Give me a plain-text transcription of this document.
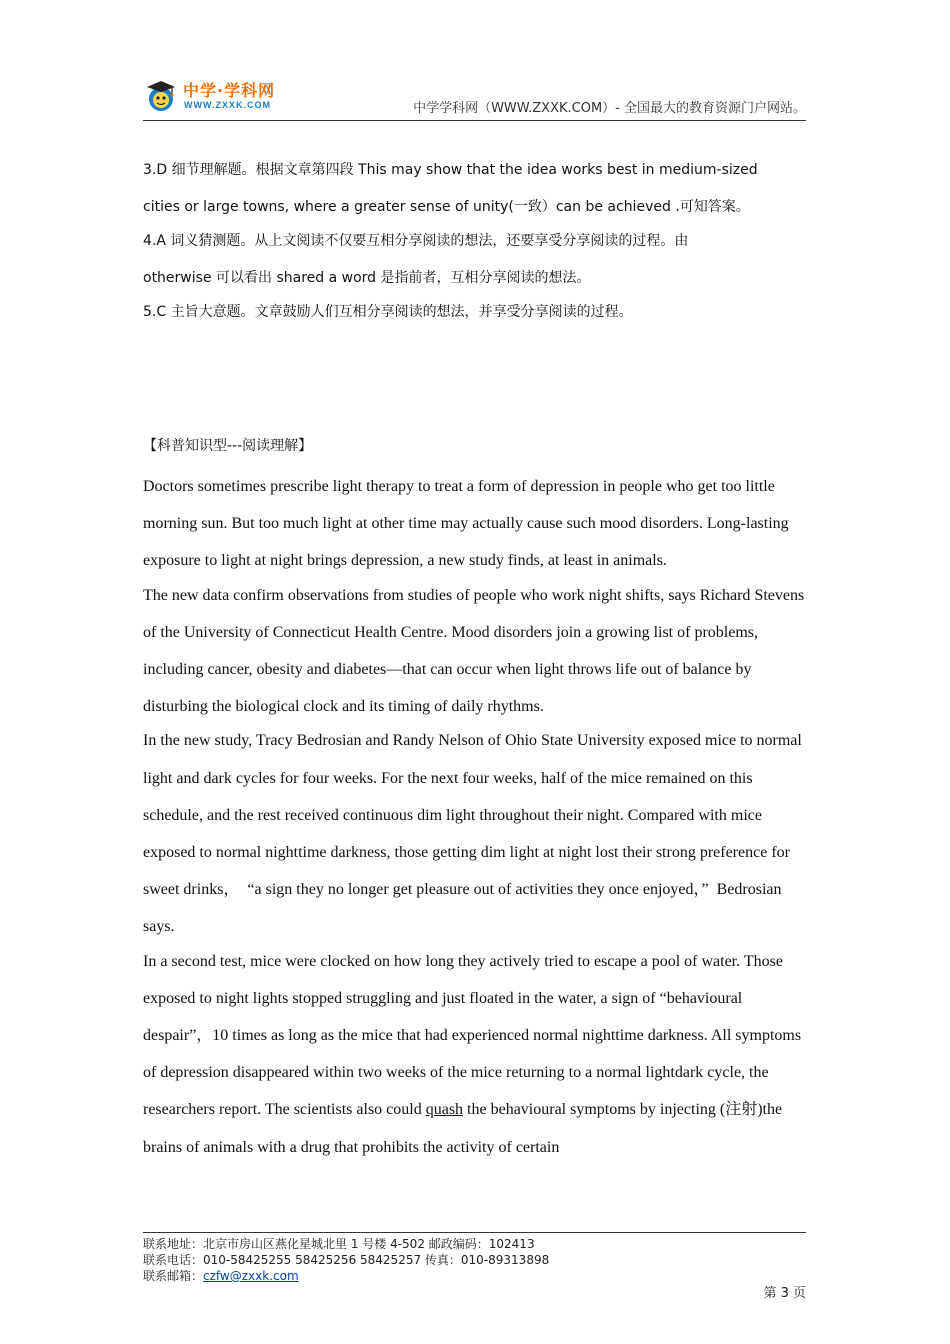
中学·学科网
WWW.ZXXK.COM	中学学科网（WWW.ZXXK.COM）- 全国最大的教育资源门户网站。

3.D 细节理解题。根据文章第四段 This may show that the idea works best in medium-sized

cities or large towns, where a greater sense of unity(一致）can be achieved .可知答案。

4.A 词义猜测题。从上文阅读不仅要互相分享阅读的想法，还要享受分享阅读的过程。由

otherwise 可以看出 shared a word 是指前者，互相分享阅读的想法。

5.C 主旨大意题。文章鼓励人们互相分享阅读的想法，并享受分享阅读的过程。

【科普知识型---阅读理解】

Doctors sometimes prescribe light therapy to treat a form of depression in people who get too little morning sun. But too much light at other time may actually cause such mood disorders. Long-lasting exposure to light at night brings depression, a new study finds, at least in animals.

The new data confirm observations from studies of people who work night shifts, says Richard Stevens of the University of Connecticut Health Centre. Mood disorders join a growing list of problems, including cancer, obesity and diabetes—that can occur when light throws life out of balance by disturbing the biological clock and its timing of daily rhythms.

In the new study, Tracy Bedrosian and Randy Nelson of Ohio State University exposed mice to normal light and dark cycles for four weeks. For the next four weeks, half of the mice remained on this schedule, and the rest received continuous dim light throughout their night. Compared with mice exposed to normal nighttime darkness, those getting dim light at night lost their strong preference for sweet drinks，  “a sign they no longer get pleasure out of activities they once enjoyed，”  Bedrosian says.

In a second test, mice were clocked on how long they actively tried to escape a pool of water. Those exposed to night lights stopped struggling and just floated in the water, a sign of “behavioural despair”，10 times as long as the mice that had experienced normal nighttime darkness. All symptoms of depression disappeared within two weeks of the mice returning to a normal lightdark cycle, the researchers report. The scientists also could quash the behavioural symptoms by injecting (注射)the brains of animals with a drug that prohibits the activity of certain

联系地址：北京市房山区燕化星城北里 1 号楼 4-502 邮政编码：102413
联系电话：010-58425255 58425256 58425257 传真：010-89313898
联系邮箱：czfw@zxxk.com
第 3 页
